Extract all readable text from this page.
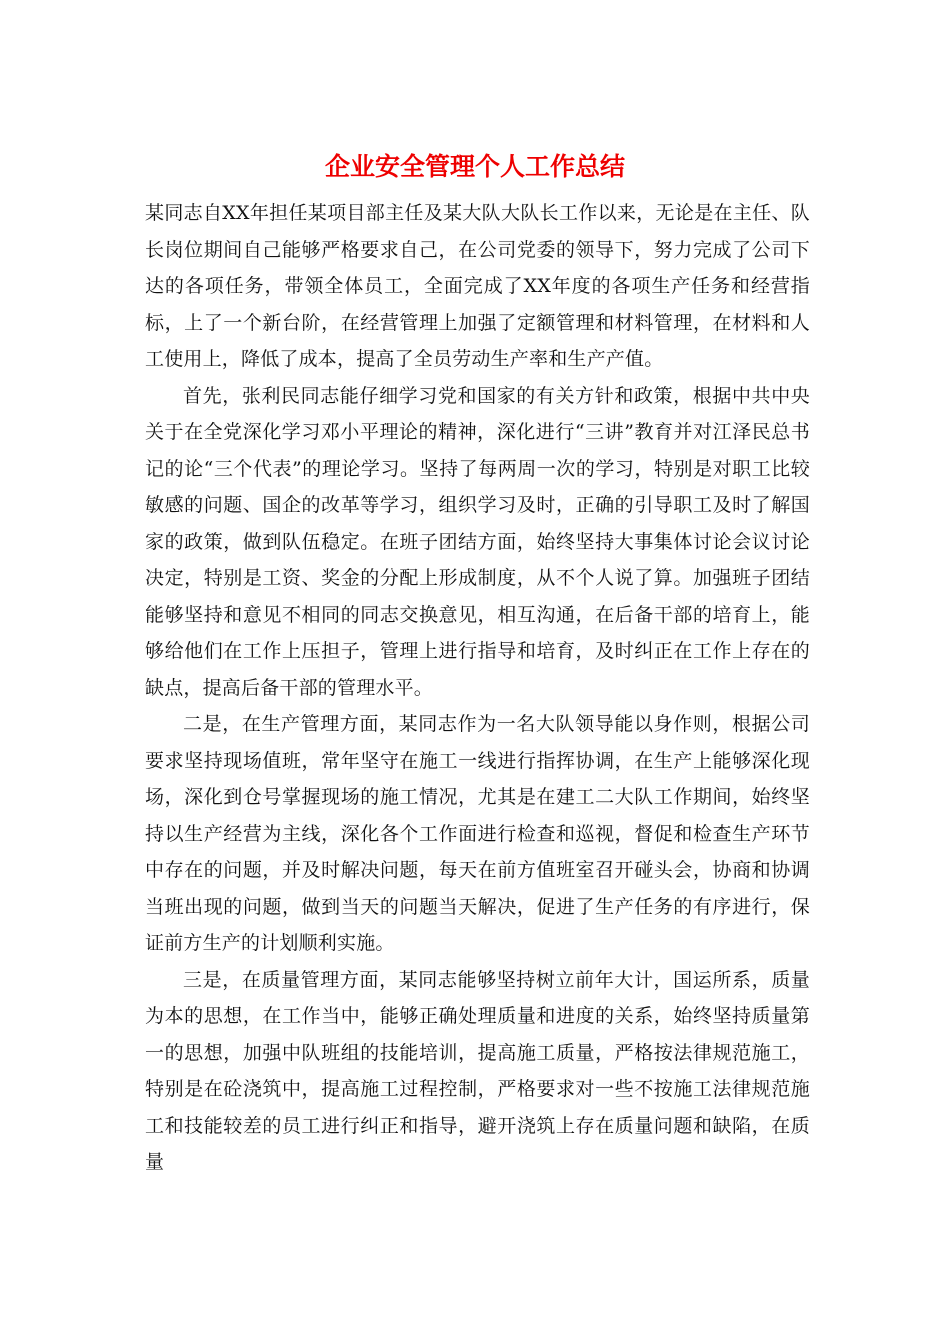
企业安全管理个人工作总结

某同志自XX年担任某项目部主任及某大队大队长工作以来，无论是在主任、队长岗位期间自己能够严格要求自己，在公司党委的领导下，努力完成了公司下达的各项任务，带领全体员工，全面完成了XX年度的各项生产任务和经营指标，上了一个新台阶，在经营管理上加强了定额管理和材料管理，在材料和人工使用上，降低了成本，提高了全员劳动生产率和生产产值。

首先，张利民同志能仔细学习党和国家的有关方针和政策，根据中共中央关于在全党深化学习邓小平理论的精神，深化进行“三讲”教育并对江泽民总书记的论“三个代表”的理论学习。坚持了每两周一次的学习，特别是对职工比较敏感的问题、国企的改革等学习，组织学习及时，正确的引导职工及时了解国家的政策，做到队伍稳定。在班子团结方面，始终坚持大事集体讨论会议讨论决定，特别是工资、奖金的分配上形成制度，从不个人说了算。加强班子团结能够坚持和意见不相同的同志交换意见，相互沟通，在后备干部的培育上，能够给他们在工作上压担子，管理上进行指导和培育，及时纠正在工作上存在的缺点，提高后备干部的管理水平。

二是，在生产管理方面，某同志作为一名大队领导能以身作则，根据公司要求坚持现场值班，常年坚守在施工一线进行指挥协调，在生产上能够深化现场，深化到仓号掌握现场的施工情况，尤其是在建工二大队工作期间，始终坚持以生产经营为主线，深化各个工作面进行检查和巡视，督促和检查生产环节中存在的问题，并及时解决问题，每天在前方值班室召开碰头会，协商和协调当班出现的问题，做到当天的问题当天解决，促进了生产任务的有序进行，保证前方生产的计划顺利实施。

三是，在质量管理方面，某同志能够坚持树立前年大计，国运所系，质量为本的思想，在工作当中，能够正确处理质量和进度的关系，始终坚持质量第一的思想，加强中队班组的技能培训，提高施工质量，严格按法律规范施工，特别是在砼浇筑中，提高施工过程控制，严格要求对一些不按施工法律规范施工和技能较差的员工进行纠正和指导，避开浇筑上存在质量问题和缺陷，在质量
